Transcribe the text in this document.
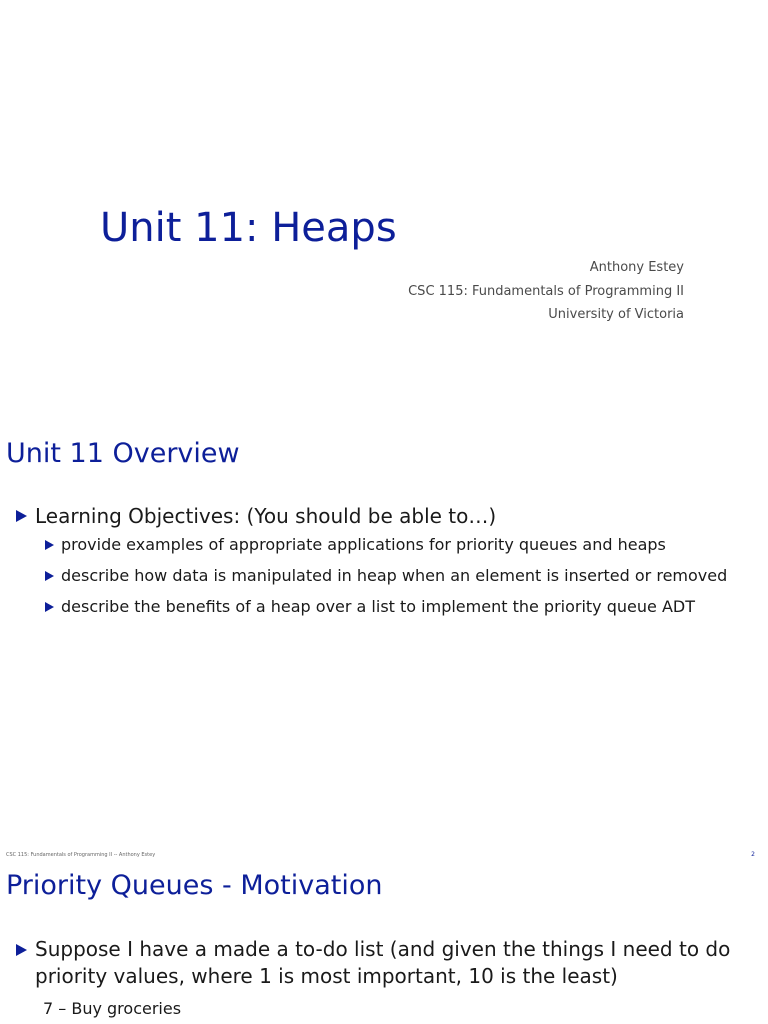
Unit 11: Heaps
Anthony Estey
CSC 115: Fundamentals of Programming II
University of Victoria
Unit 11 Overview
Learning Objectives: (You should be able to…)
provide examples of appropriate applications for priority queues and heaps
describe how data is manipulated in heap when an element is inserted or removed
describe the benefits of a heap over a list to implement the priority queue ADT
CSC 115: Fundamentals of Programming II -- Anthony Estey	2
Priority Queues - Motivation
Suppose I have a made a to-do list (and given the things I need to do priority values, where 1 is most important, 10 is the least)
7 – Buy groceries
